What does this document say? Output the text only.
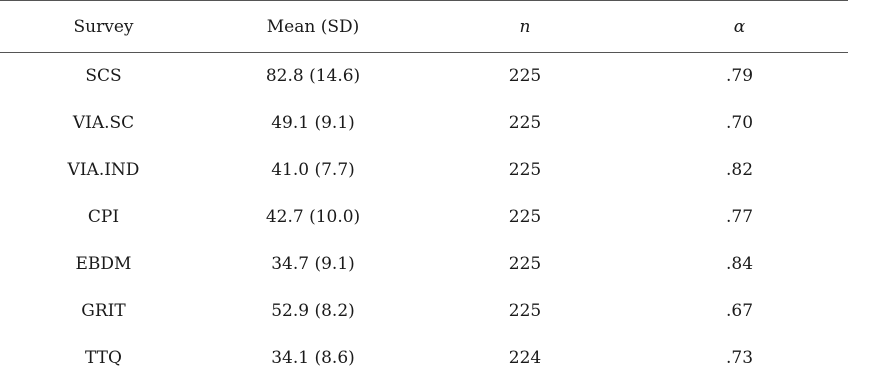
Survey	Mean (SD)	n	α
SCS	82.8 (14.6)	225	.79
VIA.SC	49.1 (9.1)	225	.70
VIA.IND	41.0 (7.7)	225	.82
CPI	42.7 (10.0)	225	.77
EBDM	34.7 (9.1)	225	.84
GRIT	52.9 (8.2)	225	.67
TTQ	34.1 (8.6)	224	.73
